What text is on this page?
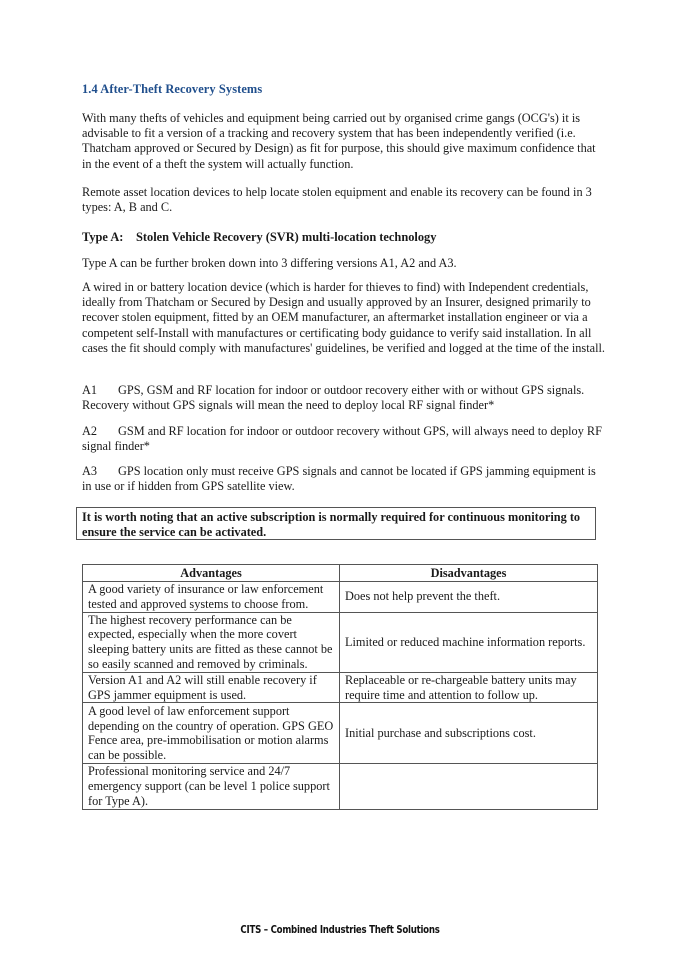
1.4 After-Theft Recovery Systems
With many thefts of vehicles and equipment being carried out by organised crime gangs (OCG's) it is advisable to fit a version of a tracking and recovery system that has been independently verified (i.e. Thatcham approved or Secured by Design) as fit for purpose, this should give maximum confidence that in the event of a theft the system will actually function.
Remote asset location devices to help locate stolen equipment and enable its recovery can be found in 3 types: A, B and C.
Type A: Stolen Vehicle Recovery (SVR) multi-location technology
Type A can be further broken down into 3 differing versions A1, A2 and A3.
A wired in or battery location device (which is harder for thieves to find) with Independent credentials, ideally from Thatcham or Secured by Design and usually approved by an Insurer, designed primarily to recover stolen equipment, fitted by an OEM manufacturer, an aftermarket installation engineer or via a competent self-Install with manufactures or certificating body guidance to verify said installation. In all cases the fit should comply with manufactures' guidelines, be verified and logged at the time of the install.
A1 GPS, GSM and RF location for indoor or outdoor recovery either with or without GPS signals. Recovery without GPS signals will mean the need to deploy local RF signal finder*
A2 GSM and RF location for indoor or outdoor recovery without GPS, will always need to deploy RF signal finder*
A3 GPS location only must receive GPS signals and cannot be located if GPS jamming equipment is in use or if hidden from GPS satellite view.
It is worth noting that an active subscription is normally required for continuous monitoring to ensure the service can be activated.
Advantages	Disadvantages
A good variety of insurance or law enforcement tested and approved systems to choose from.	Does not help prevent the theft.
The highest recovery performance can be expected, especially when the more covert sleeping battery units are fitted as these cannot be so easily scanned and removed by criminals.	Limited or reduced machine information reports.
Version A1 and A2 will still enable recovery if GPS jammer equipment is used.	Replaceable or re-chargeable battery units may require time and attention to follow up.
A good level of law enforcement support depending on the country of operation. GPS GEO Fence area, pre-immobilisation or motion alarms can be possible.	Initial purchase and subscriptions cost.
Professional monitoring service and 24/7 emergency support (can be level 1 police support for Type A).	
CITS – Combined Industries Theft Solutions
